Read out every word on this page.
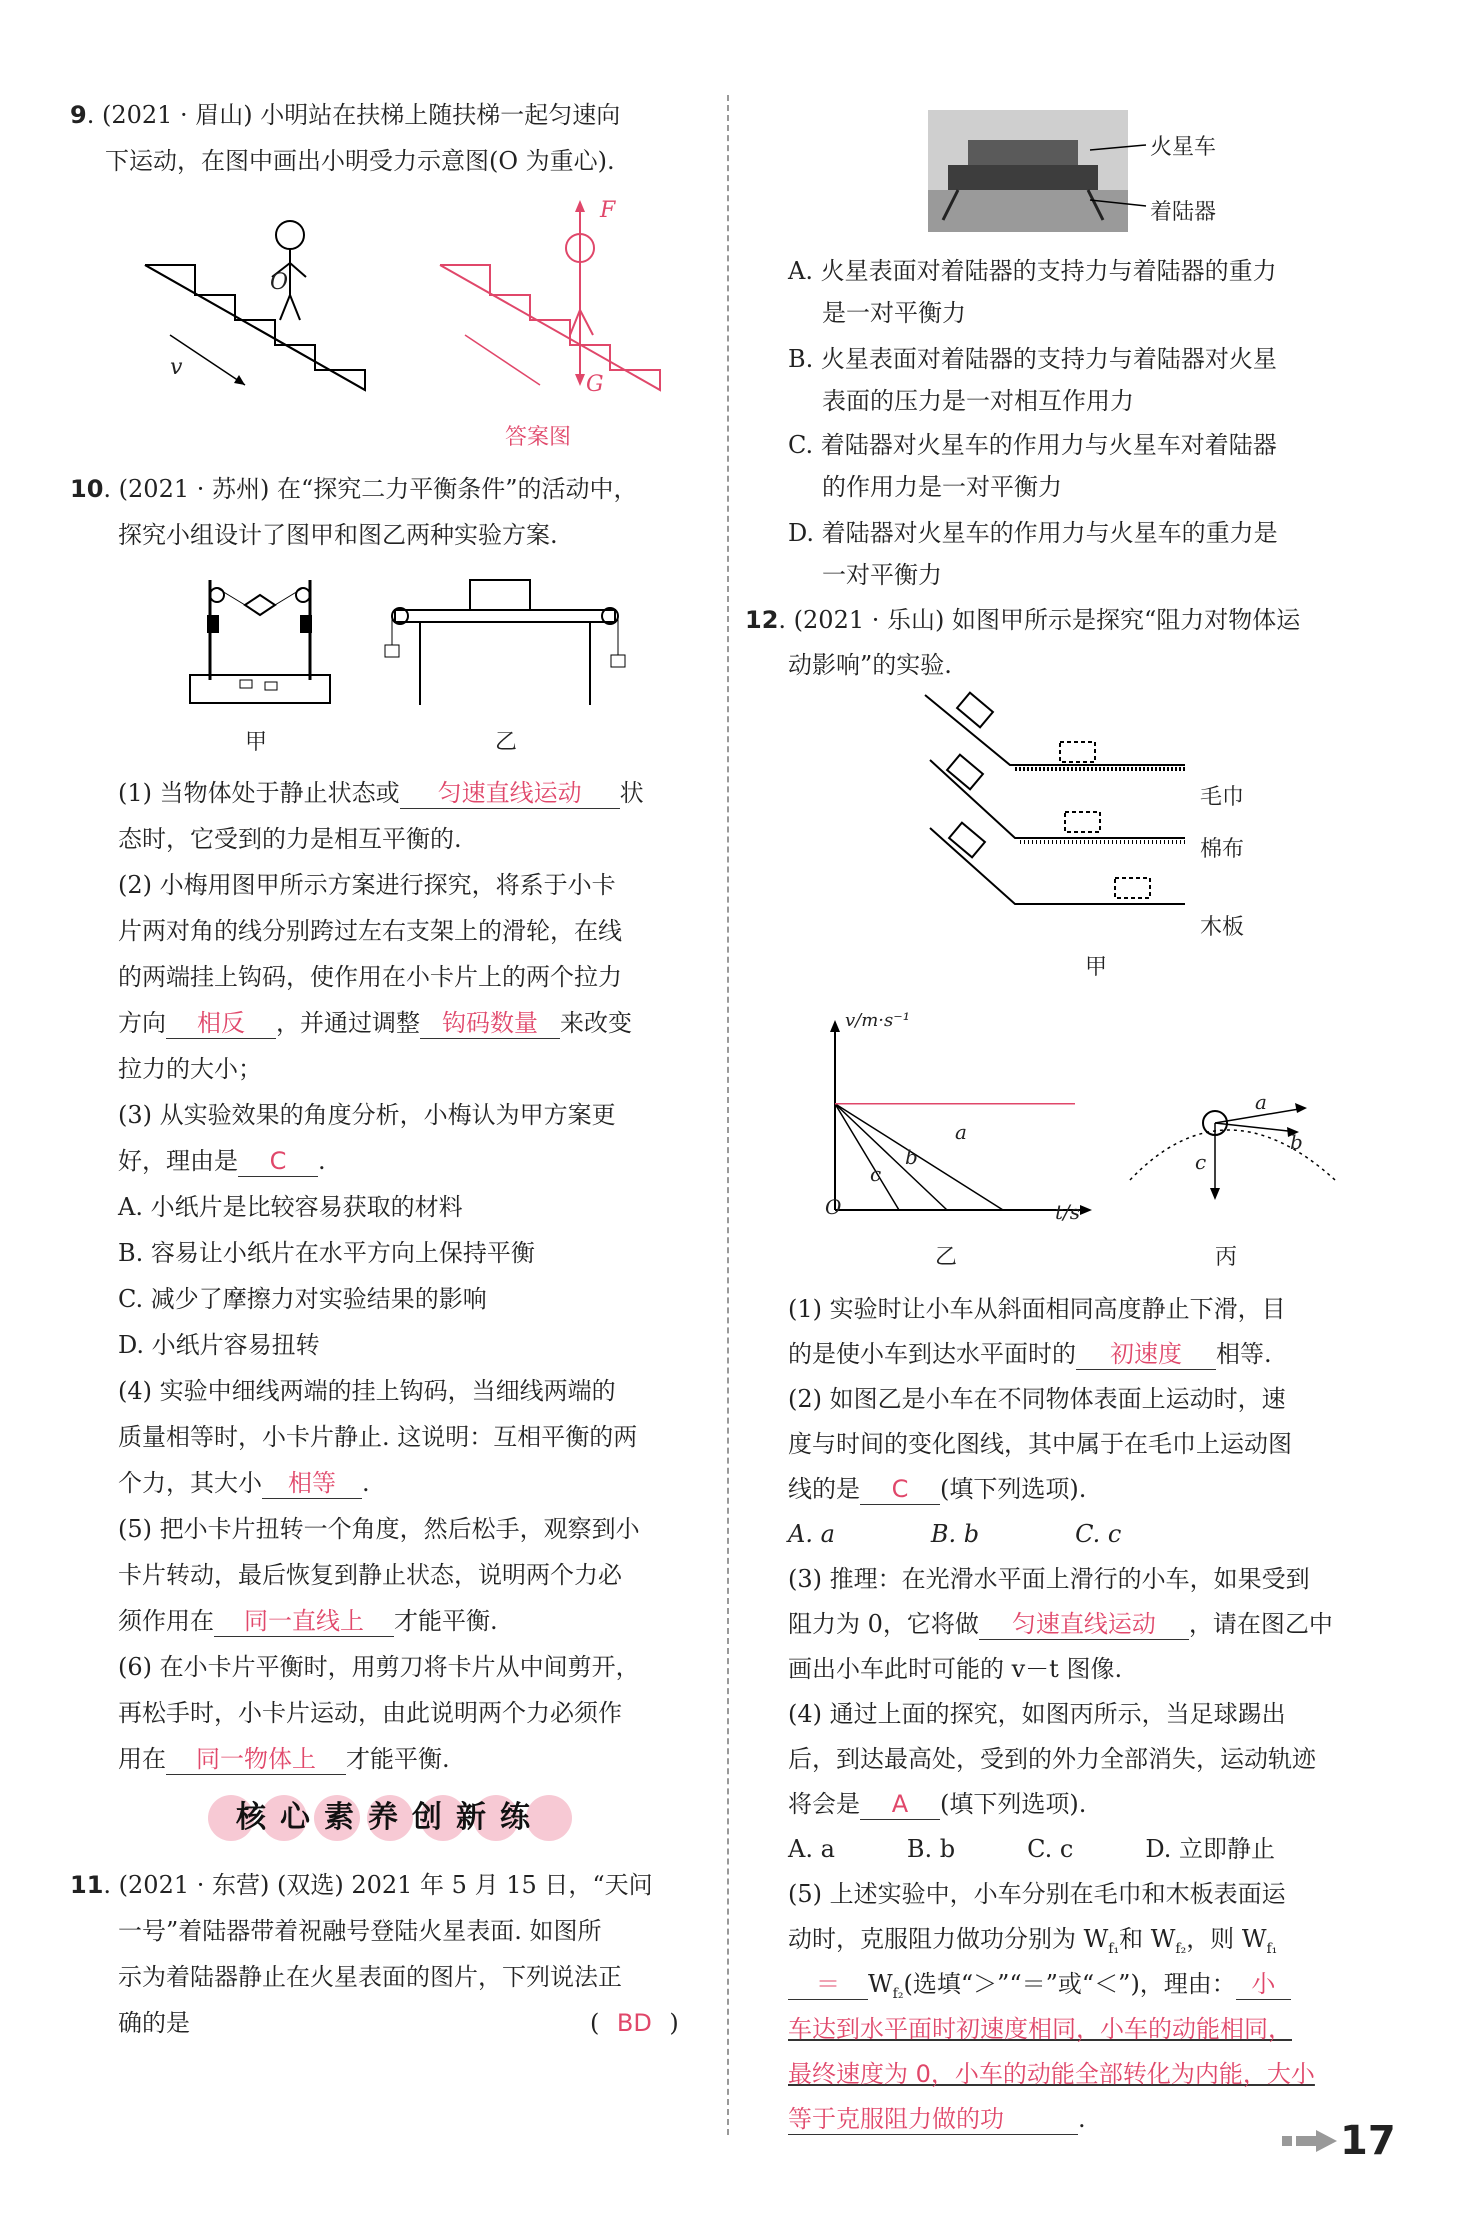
9. (2021 · 眉山) 小明站在扶梯上随扶梯一起匀速向
下运动，在图中画出小明受力示意图(O 为重心).
v
O
F
G
答案图
10. (2021 · 苏州) 在“探究二力平衡条件”的活动中，
探究小组设计了图甲和图乙两种实验方案.
甲	乙
(1) 当物体处于静止状态或 匀速直线运动 状
态时，它受到的力是相互平衡的.
(2) 小梅用图甲所示方案进行探究，将系于小卡
片两对角的线分别跨过左右支架上的滑轮，在线
的两端挂上钩码，使作用在小卡片上的两个拉力
方向 相反 ，并通过调整 钩码数量 来改变
拉力的大小；
(3) 从实验效果的角度分析，小梅认为甲方案更
好，理由是 C .
A. 小纸片是比较容易获取的材料
B. 容易让小纸片在水平方向上保持平衡
C. 减少了摩擦力对实验结果的影响
D. 小纸片容易扭转
(4) 实验中细线两端的挂上钩码，当细线两端的
质量相等时，小卡片静止. 这说明：互相平衡的两
个力，其大小 相等 .
(5) 把小卡片扭转一个角度，然后松手，观察到小
卡片转动，最后恢复到静止状态，说明两个力必
须作用在 同一直线上 才能平衡.
(6) 在小卡片平衡时，用剪刀将卡片从中间剪开，
再松手时，小卡片运动，由此说明两个力必须作
用在 同一物体上 才能平衡.
核心素养创新练
11. (2021 · 东营) (双选) 2021 年 5 月 15 日，“天问
一号”着陆器带着祝融号登陆火星表面. 如图所
示为着陆器静止在火星表面的图片，下列说法正
确的是	( BD )
火星车
着陆器
A. 火星表面对着陆器的支持力与着陆器的重力
是一对平衡力
B. 火星表面对着陆器的支持力与着陆器对火星
表面的压力是一对相互作用力
C. 着陆器对火星车的作用力与火星车对着陆器
的作用力是一对平衡力
D. 着陆器对火星车的作用力与火星车的重力是
一对平衡力
12. (2021 · 乐山) 如图甲所示是探究“阻力对物体运
动影响”的实验.
毛巾
棉布
木板
甲
v/m·s⁻¹
t/s
O
a
b
c
乙
a
b
c
丙
(1) 实验时让小车从斜面相同高度静止下滑，目
的是使小车到达水平面时的 初速度 相等.
(2) 如图乙是小车在不同物体表面上运动时，速
度与时间的变化图线，其中属于在毛巾上运动图
线的是 C (填下列选项).
A. a　　　　B. b　　　　C. c
(3) 推理：在光滑水平面上滑行的小车，如果受到
阻力为 0，它将做 匀速直线运动 ，请在图乙中
画出小车此时可能的 v－t 图像.
(4) 通过上面的探究，如图丙所示，当足球踢出
后，到达最高处，受到的外力全部消失，运动轨迹
将会是 A (填下列选项).
A. a　　　B. b　　　C. c　　　D. 立即静止
(5) 上述实验中，小车分别在毛巾和木板表面运
动时，克服阻力做功分别为 $W_{f_1}$和 $W_{f_2}$，则 $W_{f_1}$
＝ $W_{f_2}$(选填“＞”“＝”或“＜”)，理由： 小
车达到水平面时初速度相同，小车的动能相同，
最终速度为 0，小车的动能全部转化为内能，大小
等于克服阻力做的功	.	17
